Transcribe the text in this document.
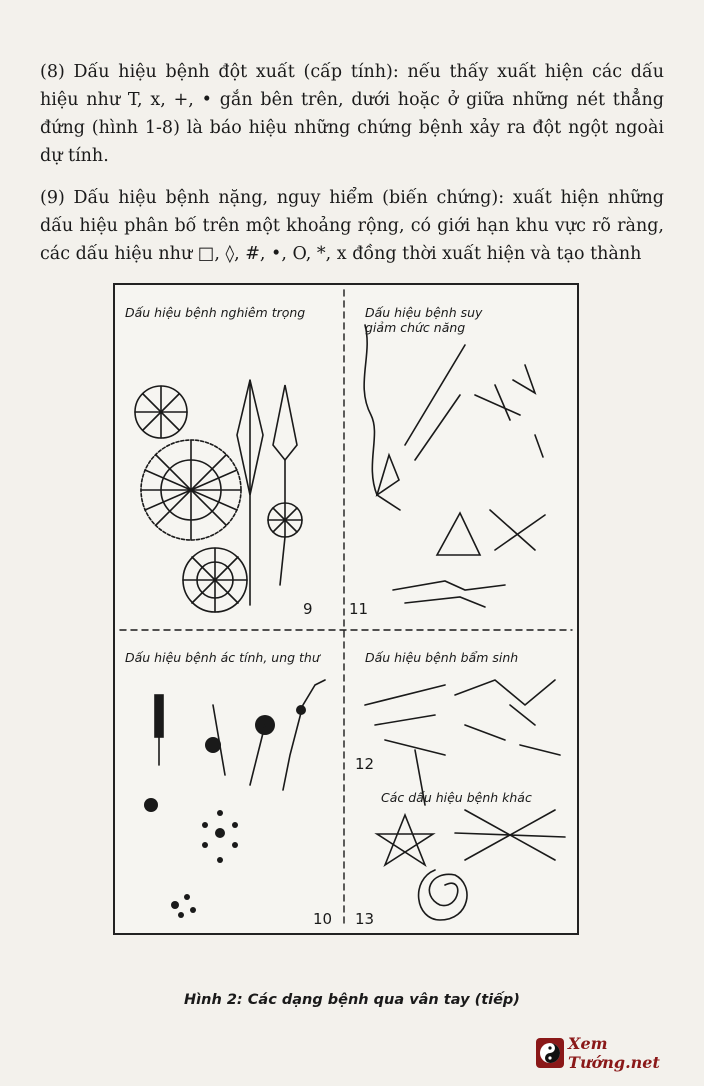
(8) Dấu hiệu bệnh đột xuất (cấp tính): nếu thấy xuất hiện các dấu hiệu như T, x, +, • gắn bên trên, dưới hoặc ở giữa những nét thẳng đứng (hình 1-8) là báo hiệu những chứng bệnh xảy ra đột ngột ngoài dự tính.

(9) Dấu hiệu bệnh nặng, nguy hiểm (biến chứng): xuất hiện những dấu hiệu phân bố trên một khoảng rộng, có giới hạn khu vực rõ ràng, các dấu hiệu như □, ◊, #, •, O, *, x đồng thời xuất hiện và tạo thành

Dấu hiệu bệnh nghiêm trọng	Dấu hiệu bệnh suy giảm chức năng
Dấu hiệu bệnh ác tính, ung thư	Dấu hiệu bệnh bẩm sinh
Các dấu hiệu bệnh khác
9 11
10
12
13
Hình 2: Các dạng bệnh qua vân tay (tiếp)
Xem Tướng.net
